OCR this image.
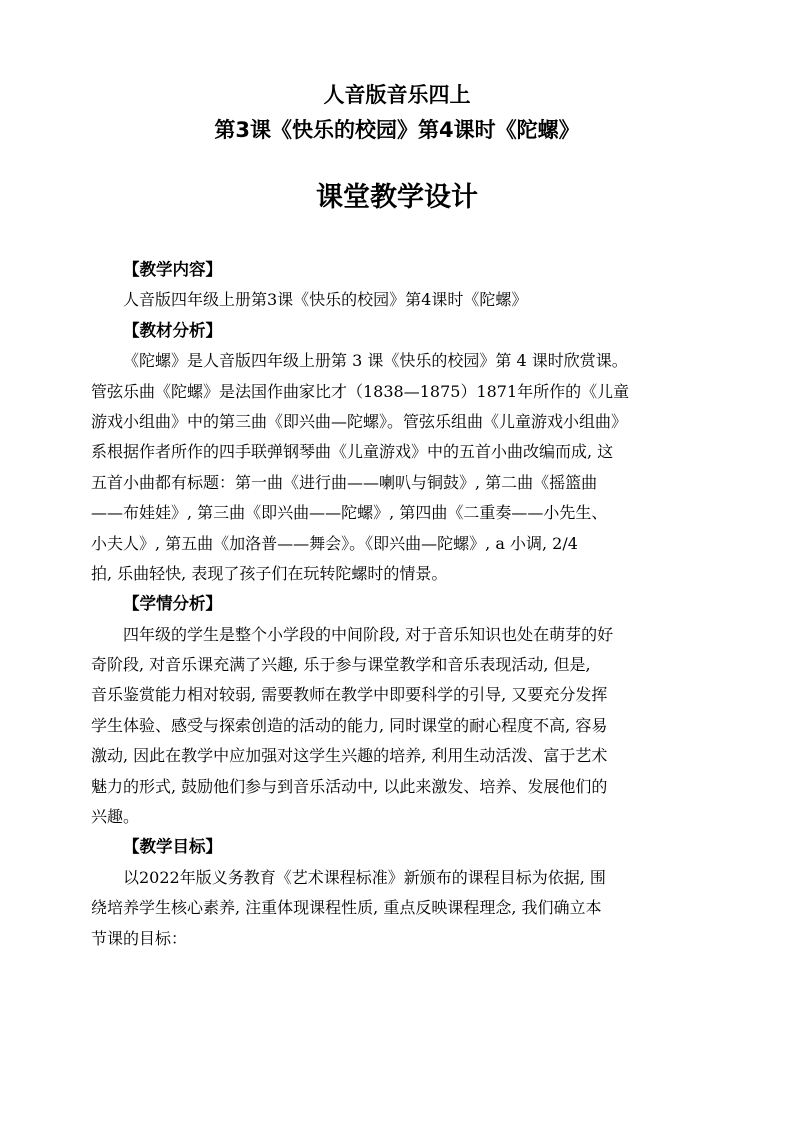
人音版音乐四上
第3课《快乐的校园》第4课时《陀螺》
课堂教学设计
【教学内容】
人音版四年级上册第3课《快乐的校园》第4课时《陀螺》
【教材分析】
《陀螺》是人音版四年级上册第 3 课《快乐的校园》第 4 课时欣赏课。
管弦乐曲《陀螺》是法国作曲家比才（1838—1875）1871年所作的《儿童
游戏小组曲》中的第三曲《即兴曲—陀螺》。管弦乐组曲《儿童游戏小组曲》
系根据作者所作的四手联弹钢琴曲《儿童游戏》中的五首小曲改编而成, 这
五首小曲都有标题：第一曲《进行曲——喇叭与铜鼓》, 第二曲《摇篮曲
——布娃娃》, 第三曲《即兴曲——陀螺》, 第四曲《二重奏——小先生、
小夫人》, 第五曲《加洛普——舞会》。《即兴曲—陀螺》, a 小调, 2/4
拍, 乐曲轻快, 表现了孩子们在玩转陀螺时的情景。
【学情分析】
四年级的学生是整个小学段的中间阶段, 对于音乐知识也处在萌芽的好
奇阶段, 对音乐课充满了兴趣, 乐于参与课堂教学和音乐表现活动, 但是,
音乐鉴赏能力相对较弱, 需要教师在教学中即要科学的引导, 又要充分发挥
学生体验、感受与探索创造的活动的能力, 同时课堂的耐心程度不高, 容易
激动, 因此在教学中应加强对这学生兴趣的培养, 利用生动活泼、富于艺术
魅力的形式, 鼓励他们参与到音乐活动中, 以此来激发、培养、发展他们的
兴趣。
【教学目标】
以2022年版义务教育《艺术课程标准》新颁布的课程目标为依据, 围
绕培养学生核心素养, 注重体现课程性质, 重点反映课程理念, 我们确立本
节课的目标：
